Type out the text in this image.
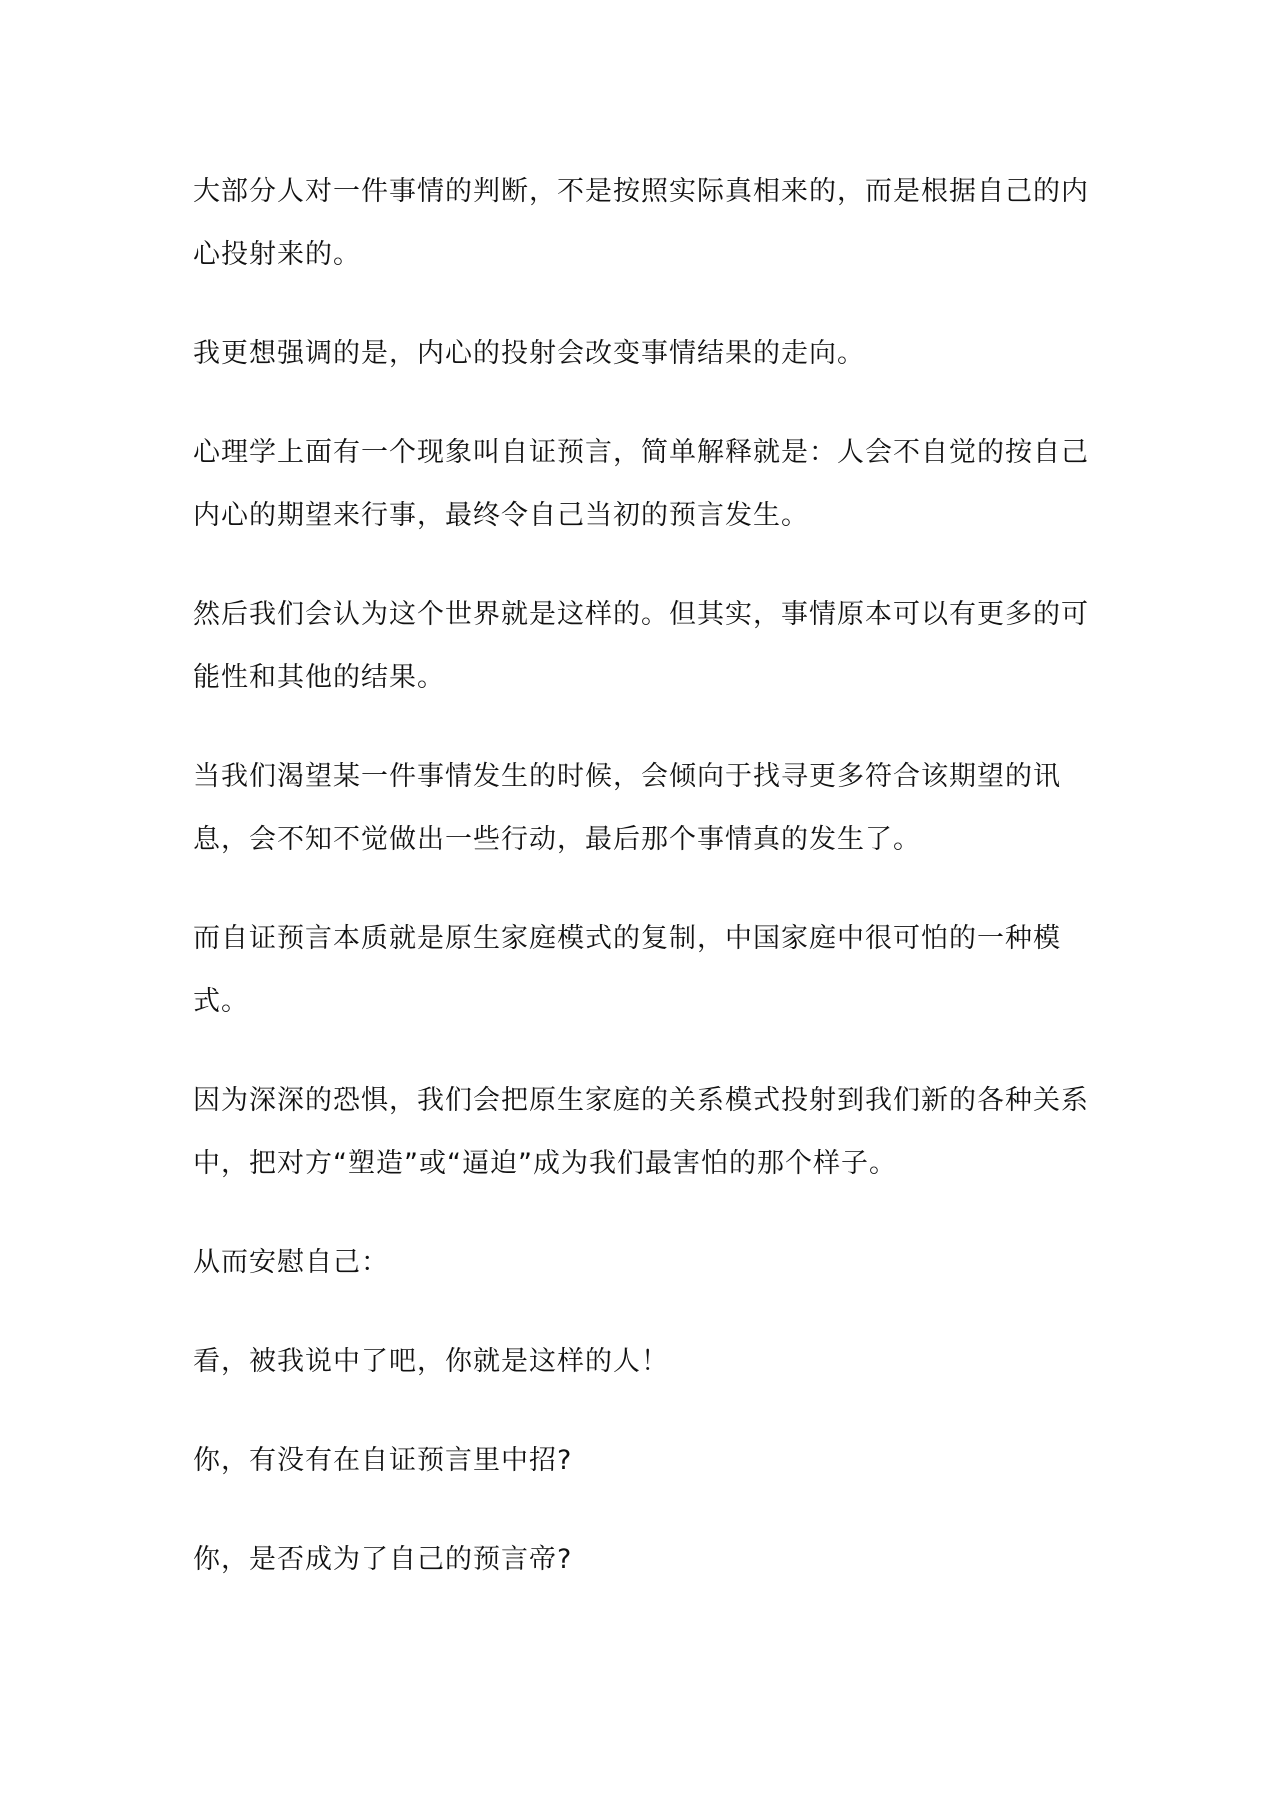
大部分人对一件事情的判断，不是按照实际真相来的，而是根据自己的内心投射来的。

我更想强调的是，内心的投射会改变事情结果的走向。

心理学上面有一个现象叫自证预言，简单解释就是：人会不自觉的按自己内心的期望来行事，最终令自己当初的预言发生。

然后我们会认为这个世界就是这样的。但其实，事情原本可以有更多的可能性和其他的结果。

当我们渴望某一件事情发生的时候，会倾向于找寻更多符合该期望的讯息，会不知不觉做出一些行动，最后那个事情真的发生了。

而自证预言本质就是原生家庭模式的复制，中国家庭中很可怕的一种模式。

因为深深的恐惧，我们会把原生家庭的关系模式投射到我们新的各种关系中，把对方“塑造”或“逼迫”成为我们最害怕的那个样子。

从而安慰自己：

看，被我说中了吧，你就是这样的人！

你，有没有在自证预言里中招?

你，是否成为了自己的预言帝?
